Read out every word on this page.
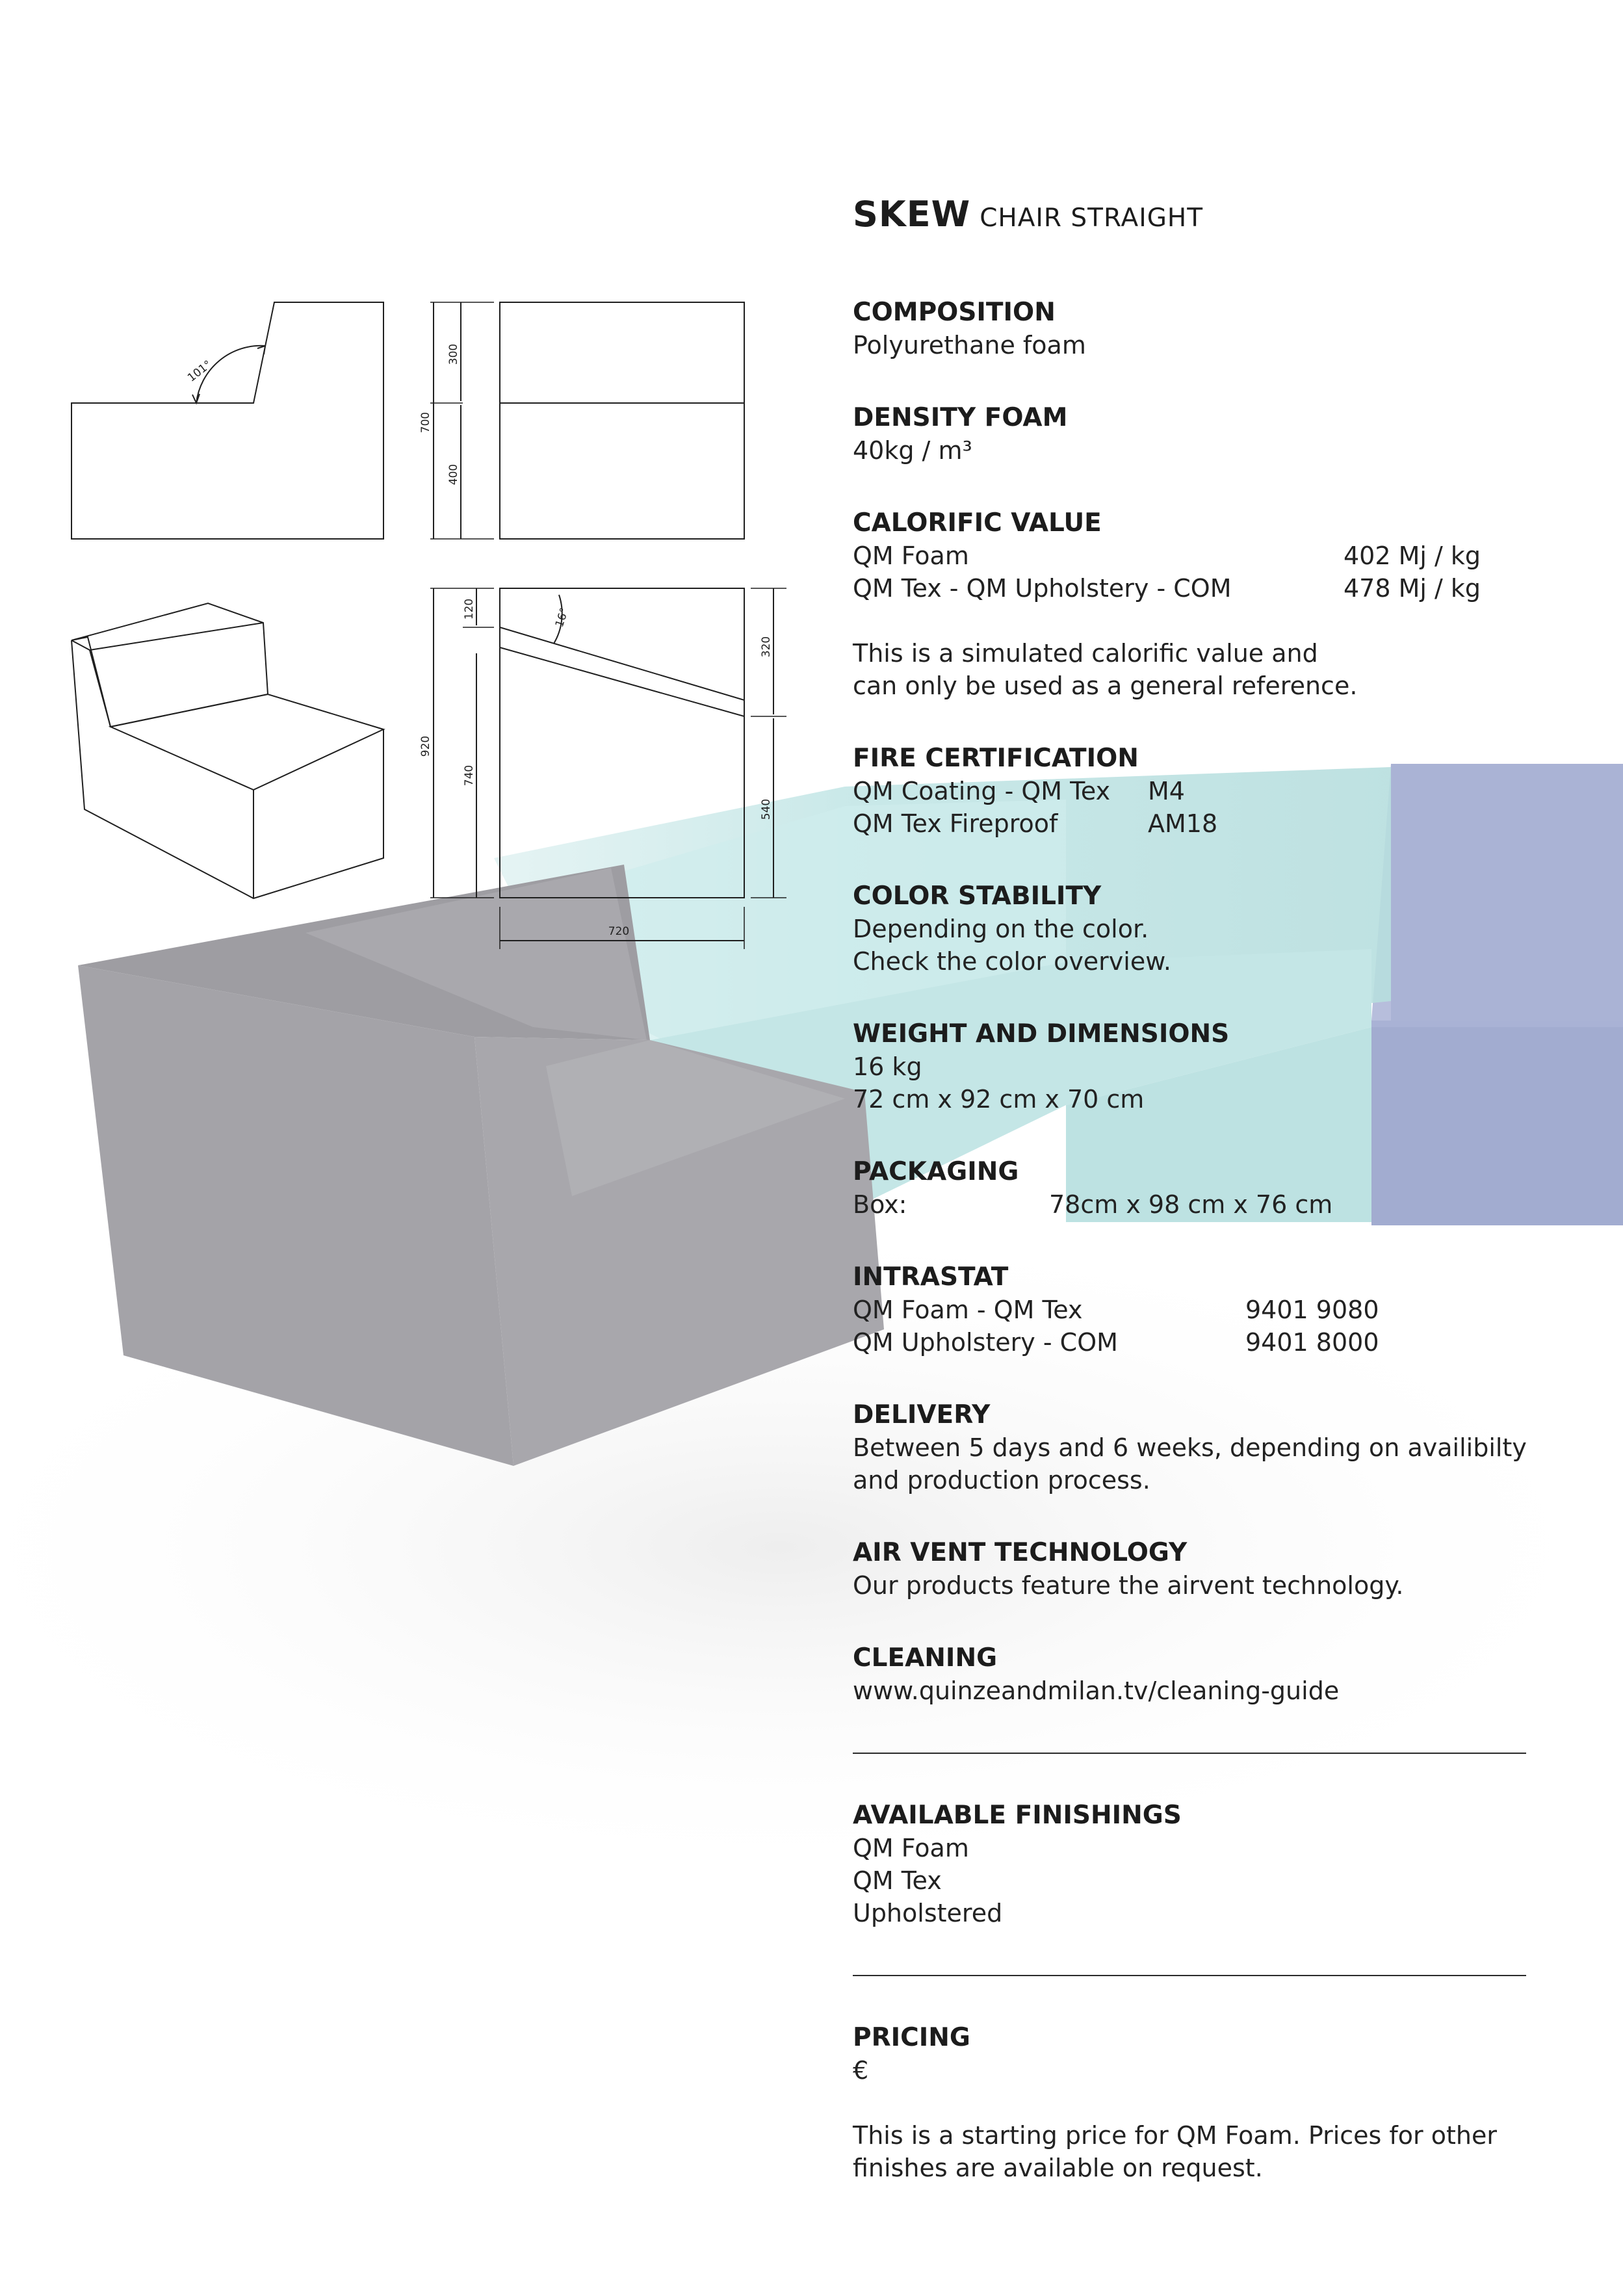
101°
16°
700
300
400
920
120
740
320
540
720
SKEW CHAIR STRAIGHT
COMPOSITION

Polyurethane foam

DENSITY FOAM

40kg / m³

CALORIFIC VALUE
QM Foam	402 Mj / kg
QM Tex - QM Upholstery - COM	478 Mj / kg

This is a simulated calorific value and

can only be used as a general reference.

FIRE CERTIFICATION
QM Coating - QM Tex	M4
QM Tex Fireproof	AM18
COLOR STABILITY

Depending on the color.

Check the color overview.

WEIGHT AND DIMENSIONS

16 kg

72 cm x 92 cm x 70 cm

PACKAGING
Box:	78cm x 98 cm x 76 cm
INTRASTAT
QM Foam - QM Tex	9401 9080
QM Upholstery - COM	9401 8000
DELIVERY

Between 5 days and 6 weeks, depending on availibilty

and production process.

AIR VENT TECHNOLOGY

Our products feature the airvent technology.

CLEANING

www.quinzeandmilan.tv/cleaning-guide

AVAILABLE FINISHINGS

QM Foam

QM Tex

Upholstered

PRICING

€

This is a starting price for QM Foam. Prices for other

finishes are available on request.
